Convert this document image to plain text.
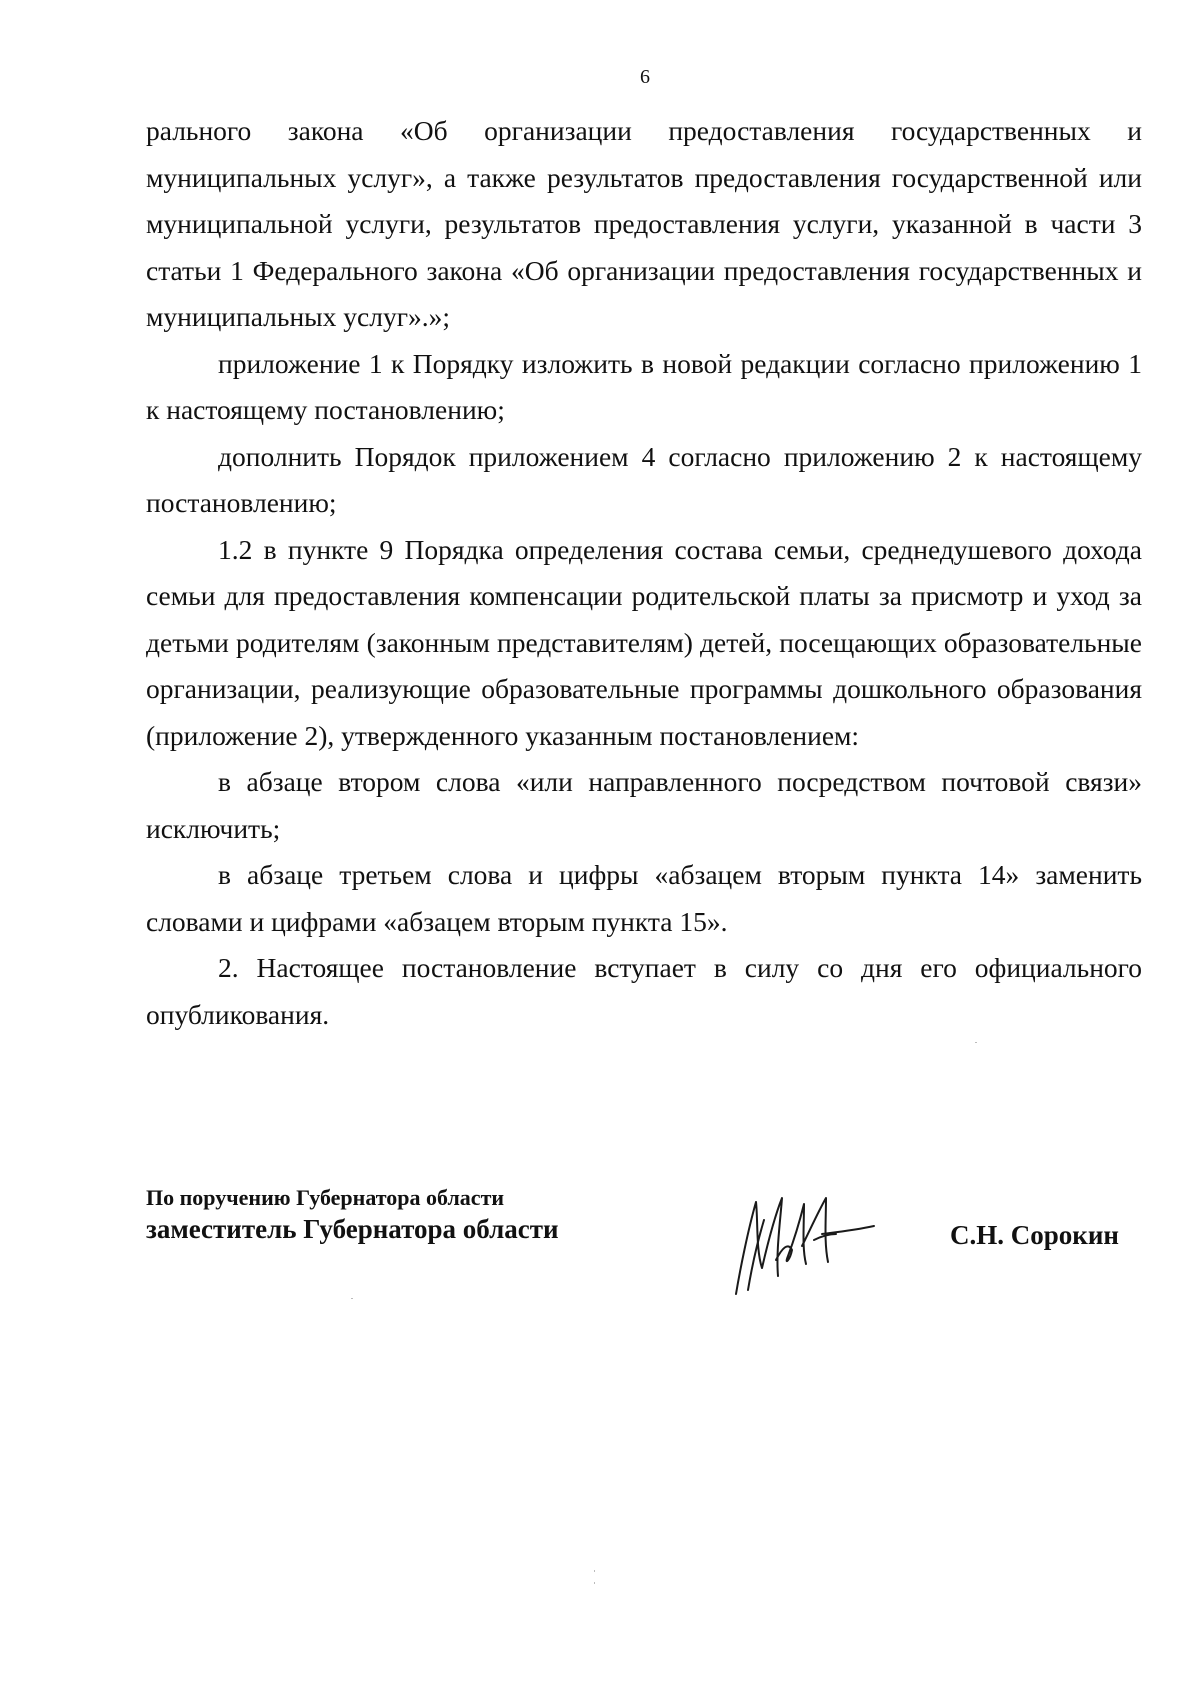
6

рального закона «Об организации предоставления государственных и муниципальных услуг», а также результатов предоставления государственной или муниципальной услуги, результатов предоставления услуги, указанной в части 3 статьи 1 Федерального закона «Об организации предоставления государственных и муниципальных услуг».»;

приложение 1 к Порядку изложить в новой редакции согласно приложению 1 к настоящему постановлению;

дополнить Порядок приложением 4 согласно приложению 2 к настоящему постановлению;

1.2 в пункте 9 Порядка определения состава семьи, среднедушевого дохода семьи для предоставления компенсации родительской платы за присмотр и уход за детьми родителям (законным представителям) детей, посещающих образовательные организации, реализующие образовательные программы дошкольного образования (приложение 2), утвержденного указанным постановлением:

в абзаце втором слова «или направленного посредством почтовой связи» исключить;

в абзаце третьем слова и цифры «абзацем вторым пункта 14» заменить словами и цифрами «абзацем вторым пункта 15».

2. Настоящее постановление вступает в силу со дня его официального опубликования.

По поручению Губернатора области
заместитель Губернатора области	С.Н. Сорокин
